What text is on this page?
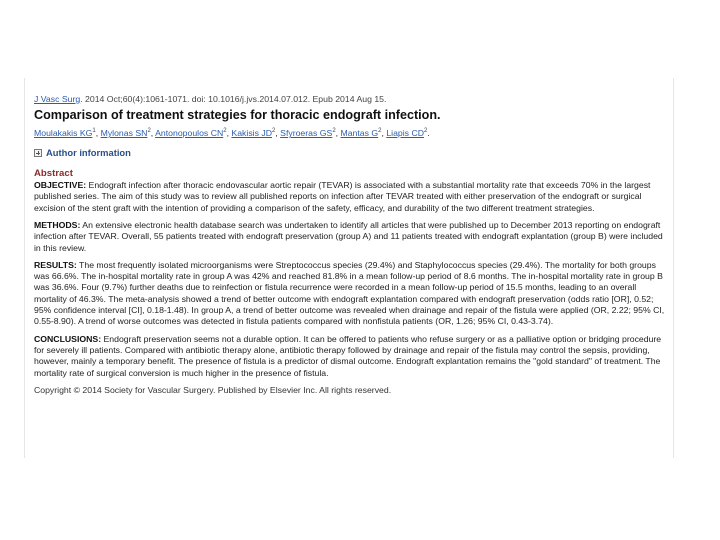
J Vasc Surg. 2014 Oct;60(4):1061-1071. doi: 10.1016/j.jvs.2014.07.012. Epub 2014 Aug 15.
Comparison of treatment strategies for thoracic endograft infection.
Moulakakis $KG^1$, Mylonas $SN^2$, Antonopoulos $CN^2$, Kakisis $JD^2$, Sfyroeras $GS^2$, Mantas $G^2$, Liapis $CD^2$.
Author information
Abstract

OBJECTIVE: Endograft infection after thoracic endovascular aortic repair (TEVAR) is associated with a substantial mortality rate that exceeds 70% in the largest published series. The aim of this study was to review all published reports on infection after TEVAR treated with either preservation of the endograft or surgical excision of the stent graft with the intention of providing a comparison of the safety, efficacy, and durability of the two different treatment strategies.

METHODS: An extensive electronic health database search was undertaken to identify all articles that were published up to December 2013 reporting on endograft infection after TEVAR. Overall, 55 patients treated with endograft preservation (group A) and 11 patients treated with endograft explantation (group B) were included in this review.

RESULTS: The most frequently isolated microorganisms were Streptococcus species (29.4%) and Staphylococcus species (29.4%). The mortality for both groups was 66.6%. The in-hospital mortality rate in group A was 42% and reached 81.8% in a mean follow-up period of 8.6 months. The in-hospital mortality rate in group B was 36.6%. Four (9.7%) further deaths due to reinfection or fistula recurrence were recorded in a mean follow-up period of 15.5 months, leading to an overall mortality of 46.3%. The meta-analysis showed a trend of better outcome with endograft explantation compared with endograft preservation (odds ratio [OR], 0.52; 95% confidence interval [CI], 0.18-1.48). In group A, a trend of better outcome was revealed when drainage and repair of the fistula were applied (OR, 2.22; 95% CI, 0.55-8.90). A trend of worse outcomes was detected in fistula patients compared with nonfistula patients (OR, 1.26; 95% CI, 0.43-3.74).

CONCLUSIONS: Endograft preservation seems not a durable option. It can be offered to patients who refuse surgery or as a palliative option or bridging procedure for severely ill patients. Compared with antibiotic therapy alone, antibiotic therapy followed by drainage and repair of the fistula may control the sepsis, providing, however, mainly a temporary benefit. The presence of fistula is a predictor of dismal outcome. Endograft explantation remains the "gold standard" of treatment. The mortality rate of surgical conversion is much higher in the presence of fistula.

Copyright © 2014 Society for Vascular Surgery. Published by Elsevier Inc. All rights reserved.
